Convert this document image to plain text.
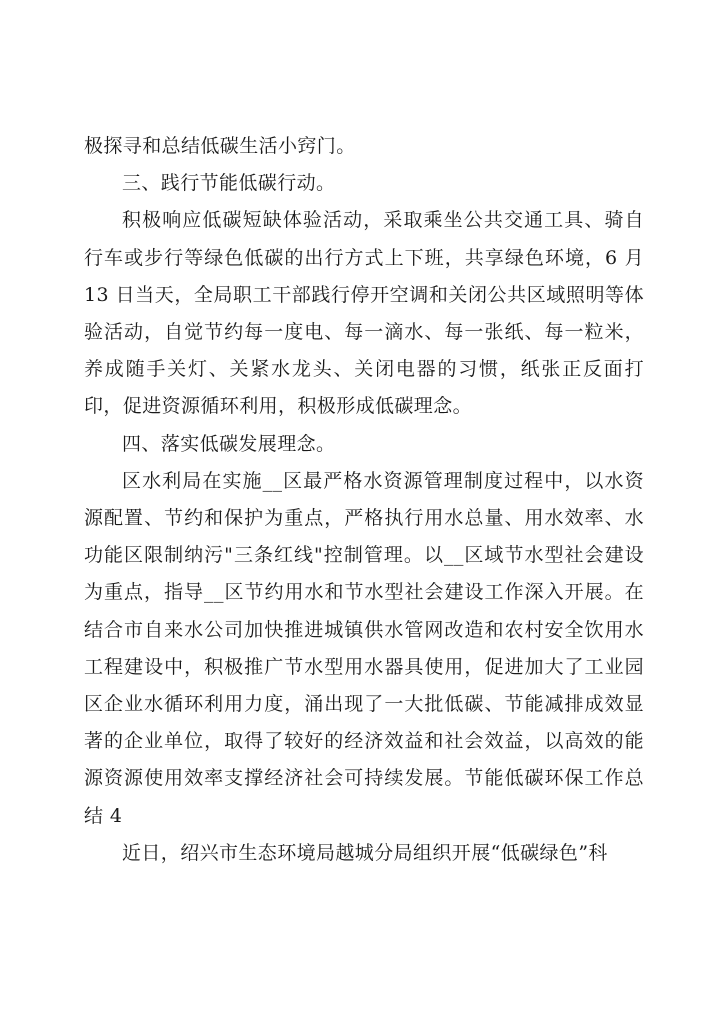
极探寻和总结低碳生活小窍门。

三、践行节能低碳行动。

积极响应低碳短缺体验活动，采取乘坐公共交通工具、骑自行车或步行等绿色低碳的出行方式上下班，共享绿色环境，6 月 13 日当天，全局职工干部践行停开空调和关闭公共区域照明等体验活动，自觉节约每一度电、每一滴水、每一张纸、每一粒米，养成随手关灯、关紧水龙头、关闭电器的习惯，纸张正反面打印，促进资源循环利用，积极形成低碳理念。

四、落实低碳发展理念。

区水利局在实施__区最严格水资源管理制度过程中，以水资源配置、节约和保护为重点，严格执行用水总量、用水效率、水功能区限制纳污"三条红线"控制管理。以__区域节水型社会建设为重点，指导__区节约用水和节水型社会建设工作深入开展。在结合市自来水公司加快推进城镇供水管网改造和农村安全饮用水工程建设中，积极推广节水型用水器具使用，促进加大了工业园区企业水循环利用力度，涌出现了一大批低碳、节能减排成效显著的企业单位，取得了较好的经济效益和社会效益，以高效的能源资源使用效率支撑经济社会可持续发展。节能低碳环保工作总结 4

近日，绍兴市生态环境局越城分局组织开展“低碳绿色”科
